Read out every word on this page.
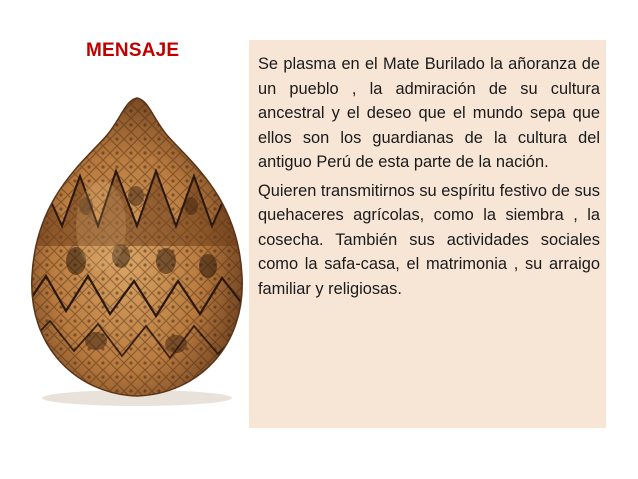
MENSAJE

Se plasma en el Mate Burilado la añoranza de un pueblo , la admiración de su cultura ancestral y el deseo que el mundo sepa que ellos son los guardianas de la cultura del antiguo Perú de esta parte de la nación.

Quieren transmitirnos su espíritu festivo de sus quehaceres agrícolas, como la siembra , la cosecha. También sus actividades sociales como la safa-casa, el matrimonia , su arraigo familiar y religiosas.
